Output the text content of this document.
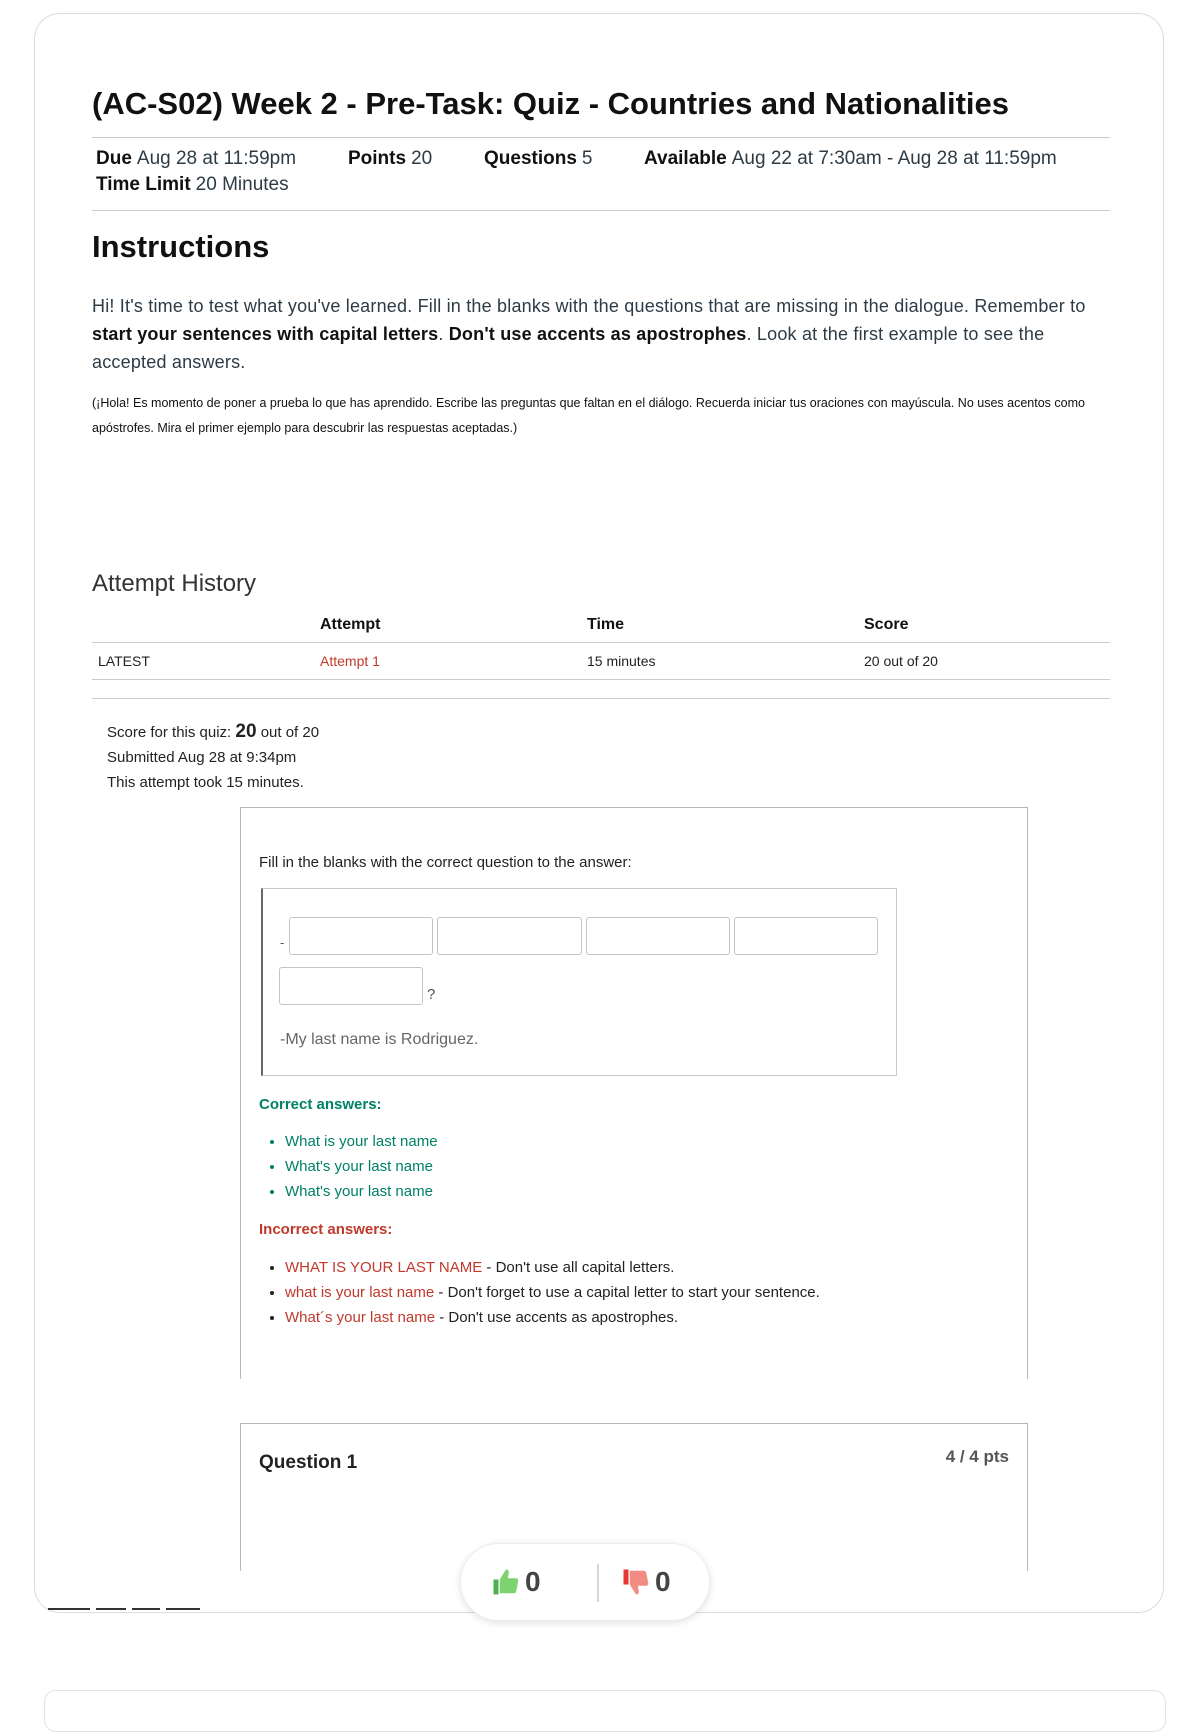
(AC-S02) Week 2 - Pre-Task: Quiz - Countries and Nationalities
Due Aug 28 at 11:59pm	Points 20	Questions 5	Available Aug 22 at 7:30am - Aug 28 at 11:59pm
Time Limit 20 Minutes
Instructions

Hi! It's time to test what you've learned. Fill in the blanks with the questions that are missing in the dialogue. Remember to start your sentences with capital letters. Don't use accents as apostrophes. Look at the first example to see the accepted answers.

(¡Hola! Es momento de poner a prueba lo que has aprendido. Escribe las preguntas que faltan en el diálogo. Recuerda iniciar tus oraciones con mayúscula. No uses acentos como apóstrofes. Mira el primer ejemplo para descubrir las respuestas aceptadas.)

Attempt History
	Attempt	Time	Score
LATEST	Attempt 1	15 minutes	20 out of 20
Score for this quiz: 20 out of 20
Submitted Aug 28 at 9:34pm
This attempt took 15 minutes.
Fill in the blanks with the correct question to the answer:
-
?
-My last name is Rodriguez.
Correct answers:
• What is your last name
• What's your last name
• What's your last name
Incorrect answers:
• WHAT IS YOUR LAST NAME - Don't use all capital letters.
• what is your last name - Don't forget to use a capital letter to start your sentence.
• What´s your last name - Don't use accents as apostrophes.
Question 1	4 / 4 pts
0	0
